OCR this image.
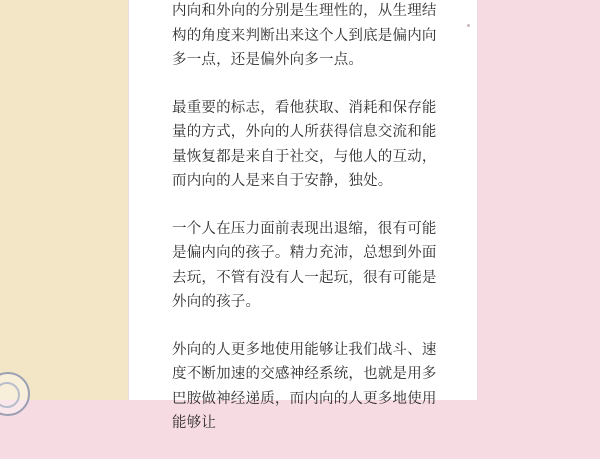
内向和外向的分别是生理性的，从生理结构的角度来判断出来这个人到底是偏内向多一点，还是偏外向多一点。

最重要的标志，看他获取、消耗和保存能量的方式，外向的人所获得信息交流和能量恢复都是来自于社交，与他人的互动，而内向的人是来自于安静，独处。

一个人在压力面前表现出退缩，很有可能是偏内向的孩子。精力充沛，总想到外面去玩，不管有没有人一起玩，很有可能是外向的孩子。

外向的人更多地使用能够让我们战斗、速度不断加速的交感神经系统，也就是用多巴胺做神经递质，而内向的人更多地使用能够让
